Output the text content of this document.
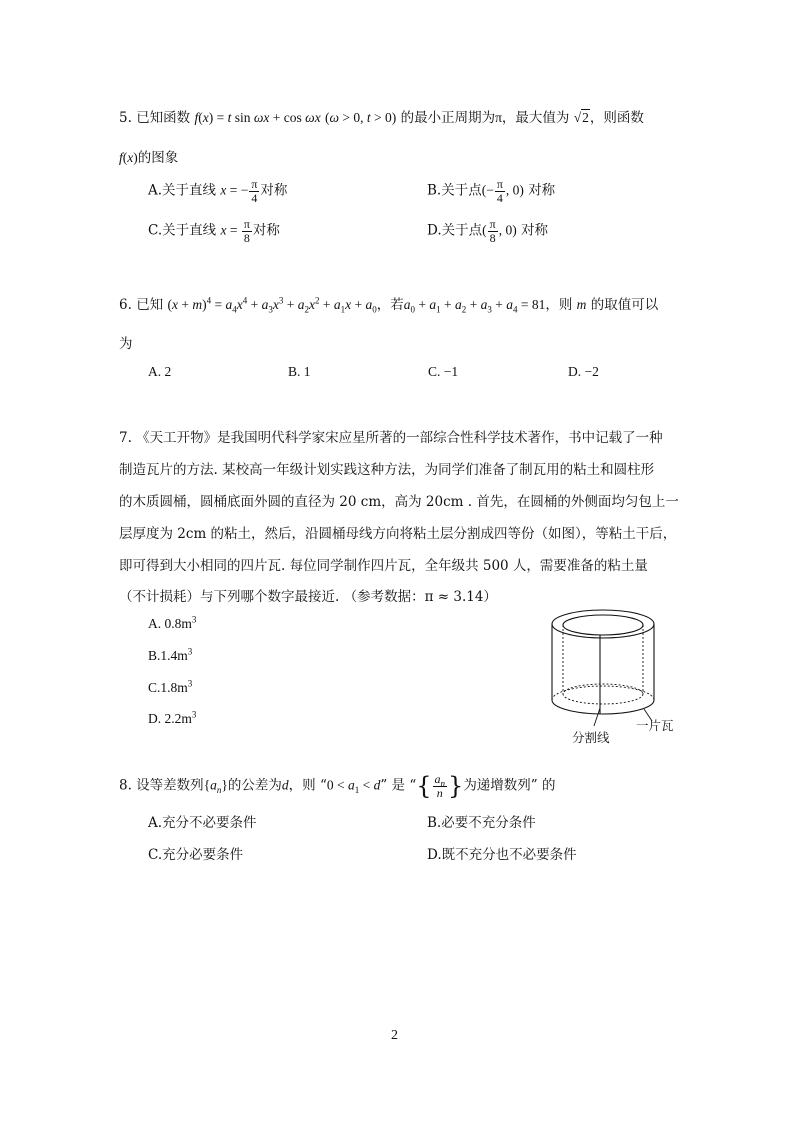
5. 已知函数 f(x) = t sin ωx + cos ωx (ω > 0, t > 0) 的最小正周期为π，最大值为 √2，则函数
f(x)的图象
A.关于直线 x = − $\frac{\pi}{4}$ 对称	B.关于点(− $\frac{\pi}{4}$ , 0) 对称
C.关于直线 $x = \frac{\pi}{8}$ 对称	D.关于点( $\frac{\pi}{8}$ , 0) 对称
6. 已知 $(x + m)^4 = a_4x^4 + a_3x^3 + a_2x^2 + a_1x + a_0$，若$a_0 + a_1 + a_2 + a_3 + a_4 = 81$，则 m 的取值可以
为
A. 2	B. 1	C. −1	D. −2
7. 《天工开物》是我国明代科学家宋应星所著的一部综合性科学技术著作，书中记载了一种
制造瓦片的方法. 某校高一年级计划实践这种方法，为同学们准备了制瓦用的粘土和圆柱形
的木质圆桶，圆桶底面外圆的直径为 20 cm，高为 20cm . 首先，在圆桶的外侧面均匀包上一
层厚度为 2cm 的粘土，然后，沿圆桶母线方向将粘土层分割成四等份（如图），等粘土干后，
即可得到大小相同的四片瓦. 每位同学制作四片瓦，全年级共 500 人，需要准备的粘土量
（不计损耗）与下列哪个数字最接近. （参考数据：π ≈ 3.14）
A. $0.8m^3$
$B.1.4m^3$
$C.1.8m^3$
D. $2.2m^3$
分割线
一片瓦
8. 设等差数列$\{a_n\}$的公差为d，则 “$0 < a_1 < d$” 是 “{ $\frac{a_n}{n}$ }为递增数列” 的
A.充分不必要条件	B.必要不充分条件
C.充分必要条件	D.既不充分也不必要条件
2
